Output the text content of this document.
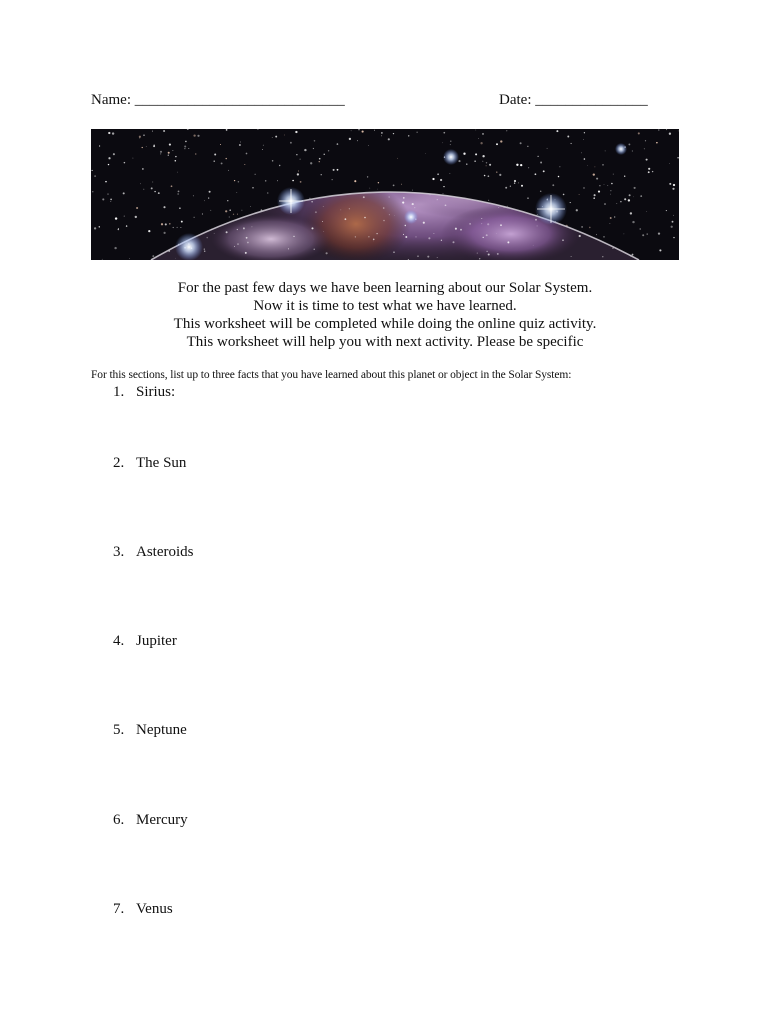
Name: ____________________________	Date: _______________
For the past few days we have been learning about our Solar System.
Now it is time to test what we have learned.
This worksheet will be completed while doing the online quiz activity.
This worksheet will help you with next activity. Please be specific
For this sections, list up to three facts that you have learned about this planet or object in the Solar System:
1. Sirius:
2. The Sun
3. Asteroids
4. Jupiter
5. Neptune
6. Mercury
7. Venus
